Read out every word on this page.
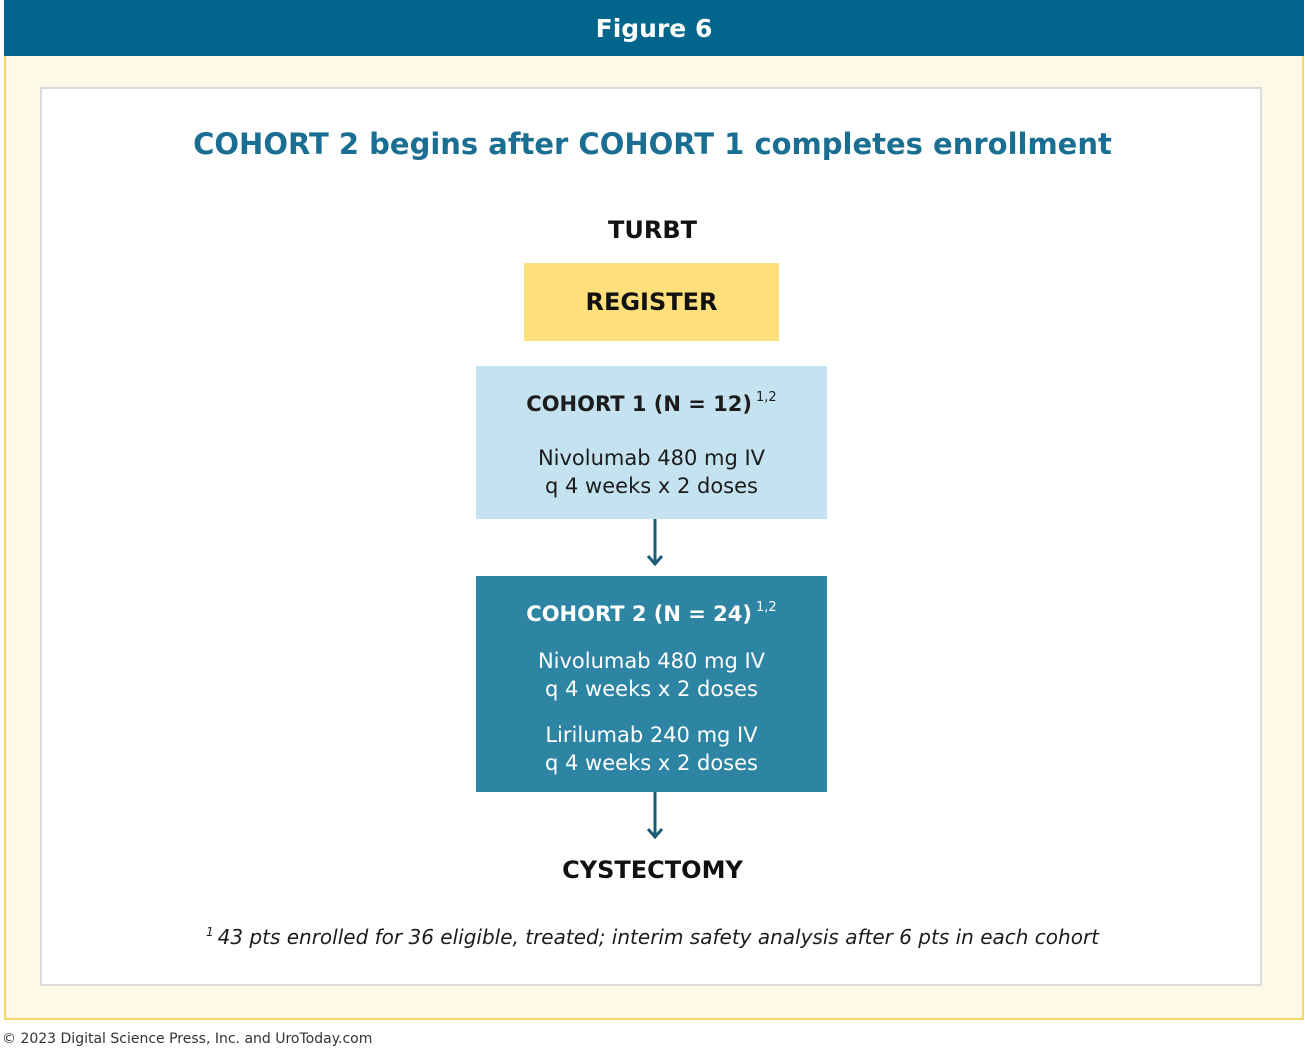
Figure 6
COHORT 2 begins after COHORT 1 completes enrollment
TURBT
REGISTER
COHORT 1 (N = 12) $^{1,2}$
Nivolumab 480 mg IV
q 4 weeks x 2 doses
COHORT 2 (N = 24) $^{1,2}$
Nivolumab 480 mg IV
q 4 weeks x 2 doses
Lirilumab 240 mg IV
q 4 weeks x 2 doses
CYSTECTOMY
$^1$ 43 pts enrolled for 36 eligible, treated; interim safety analysis after 6 pts in each cohort
© 2023 Digital Science Press, Inc. and UroToday.com
